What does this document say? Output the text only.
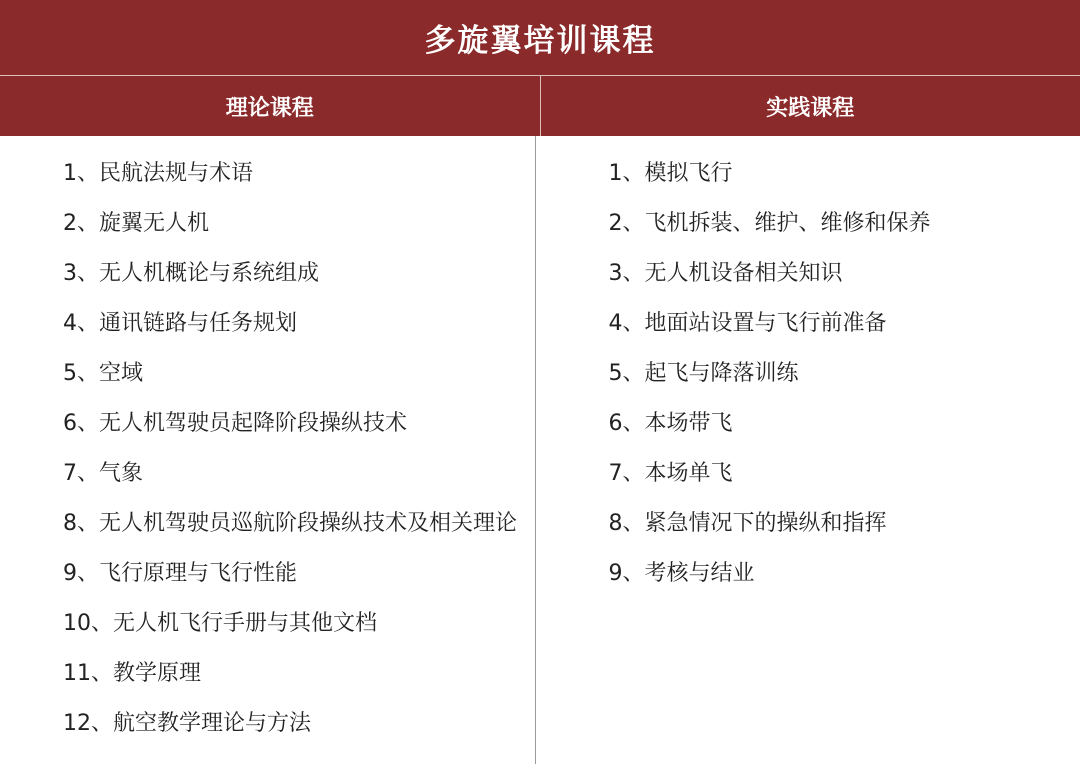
多旋翼培训课程
理论课程	实践课程
1、民航法规与术语
2、旋翼无人机
3、无人机概论与系统组成
4、通讯链路与任务规划
5、空域
6、无人机驾驶员起降阶段操纵技术
7、气象
8、无人机驾驶员巡航阶段操纵技术及相关理论
9、飞行原理与飞行性能
10、无人机飞行手册与其他文档
11、教学原理
12、航空教学理论与方法
1、模拟飞行
2、飞机拆装、维护、维修和保养
3、无人机设备相关知识
4、地面站设置与飞行前准备
5、起飞与降落训练
6、本场带飞
7、本场单飞
8、紧急情况下的操纵和指挥
9、考核与结业
